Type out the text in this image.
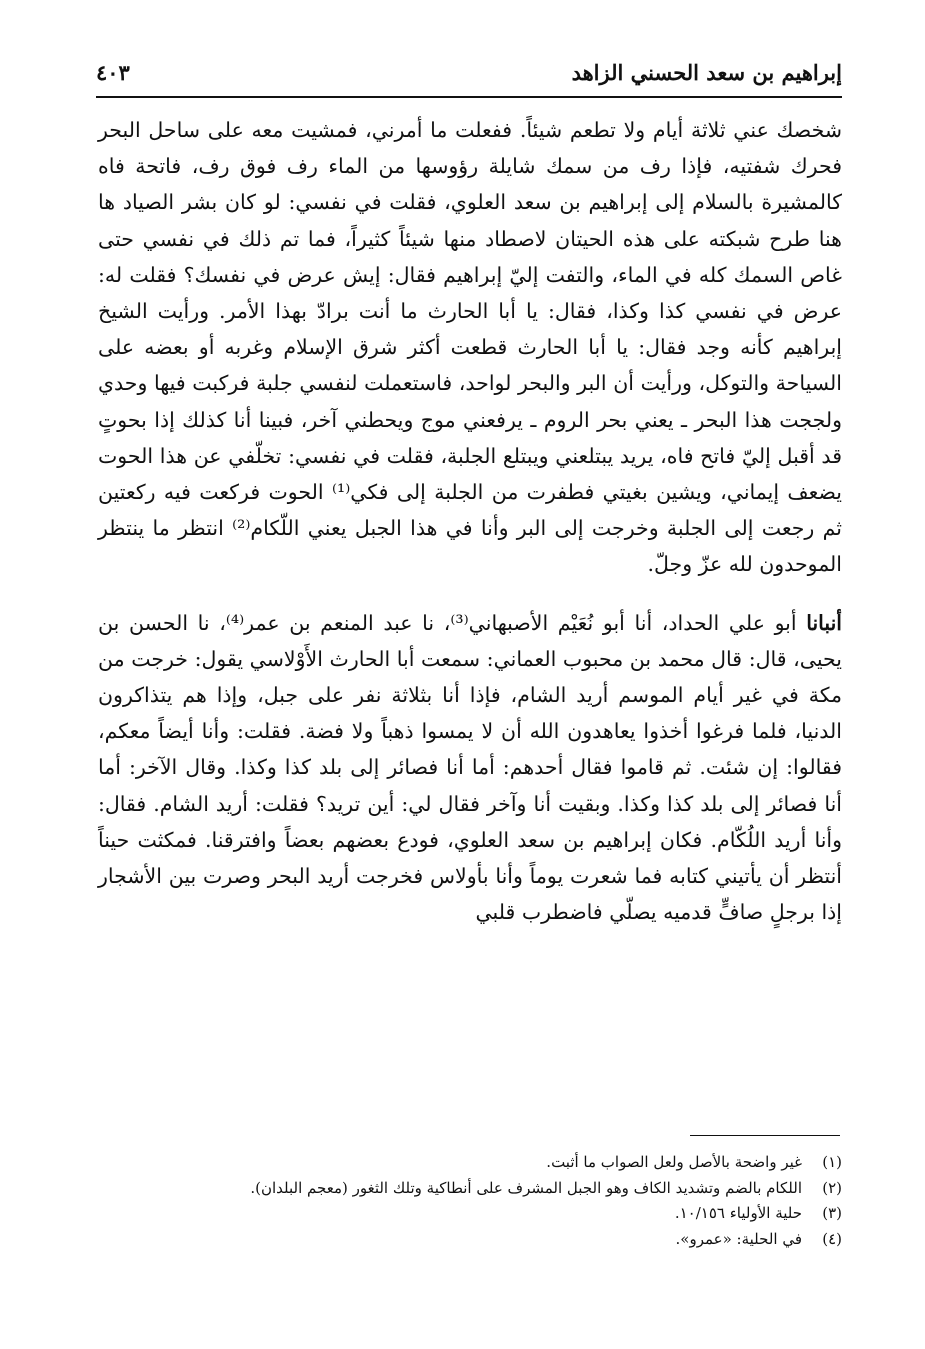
إبراهيم بن سعد الحسني الزاهد
٤٠٣

شخصك عني ثلاثة أيام ولا تطعم شيئاً. ففعلت ما أمرني، فمشيت معه على ساحل البحر فحرك شفتيه، فإذا رف من سمك شايلة رؤوسها من الماء رف فوق رف، فاتحة فاه كالمشيرة بالسلام إلى إبراهيم بن سعد العلوي، فقلت في نفسي: لو كان بشر الصياد ها هنا طرح شبكته على هذه الحيتان لاصطاد منها شيئاً كثيراً، فما تم ذلك في نفسي حتى غاص السمك كله في الماء، والتفت إليّ إبراهيم فقال: إيش عرض في نفسك؟ فقلت له: عرض في نفسي كذا وكذا، فقال: يا أبا الحارث ما أنت برادّ بهذا الأمر. ورأيت الشيخ إبراهيم كأنه وجد فقال: يا أبا الحارث قطعت أكثر شرق الإسلام وغربه أو بعضه على السياحة والتوكل، ورأيت أن البر والبحر لواحد، فاستعملت لنفسي جلبة فركبت فيها وحدي ولججت هذا البحر ـ يعني بحر الروم ـ يرفعني موج ويحطني آخر، فبينا أنا كذلك إذا بحوتٍ قد أقبل إليّ فاتح فاه، يريد يبتلعني ويبتلع الجلبة، فقلت في نفسي: تخلّفي عن هذا الحوت يضعف إيماني، ويشين بغيتي فطفرت من الجلبة إلى فكي⁽¹⁾ الحوت فركعت فيه ركعتين ثم رجعت إلى الجلبة وخرجت إلى البر وأنا في هذا الجبل يعني اللّكام⁽²⁾ انتظر ما ينتظر الموحدون لله عزّ وجلّ.

أنبانا أبو علي الحداد، أنا أبو نُعَيْم الأصبهاني⁽³⁾، نا عبد المنعم بن عمر⁽⁴⁾، نا الحسن بن يحيى، قال: قال محمد بن محبوب العماني: سمعت أبا الحارث الأَوْلاسي يقول: خرجت من مكة في غير أيام الموسم أريد الشام، فإذا أنا بثلاثة نفر على جبل، وإذا هم يتذاكرون الدنيا، فلما فرغوا أخذوا يعاهدون الله أن لا يمسوا ذهباً ولا فضة. فقلت: وأنا أيضاً معكم، فقالوا: إن شئت. ثم قاموا فقال أحدهم: أما أنا فصائر إلى بلد كذا وكذا. وقال الآخر: أما أنا فصائر إلى بلد كذا وكذا. وبقيت أنا وآخر فقال لي: أين تريد؟ فقلت: أريد الشام. فقال: وأنا أريد اللُكّام. فكان إبراهيم بن سعد العلوي، فودع بعضهم بعضاً وافترقنا. فمكثت حيناً أنتظر أن يأتيني كتابه فما شعرت يوماً وأنا بأولاس فخرجت أريد البحر وصرت بين الأشجار إذا برجلٍ صافٍّ قدميه يصلّي فاضطرب قلبي

(١)غير واضحة بالأصل ولعل الصواب ما أثبت.
(٢)اللكام بالضم وتشديد الكاف وهو الجبل المشرف على أنطاكية وتلك الثغور (معجم البلدان).
(٣)حلية الأولياء ١٠/١٥٦.
(٤)في الحلية: «عمرو».
